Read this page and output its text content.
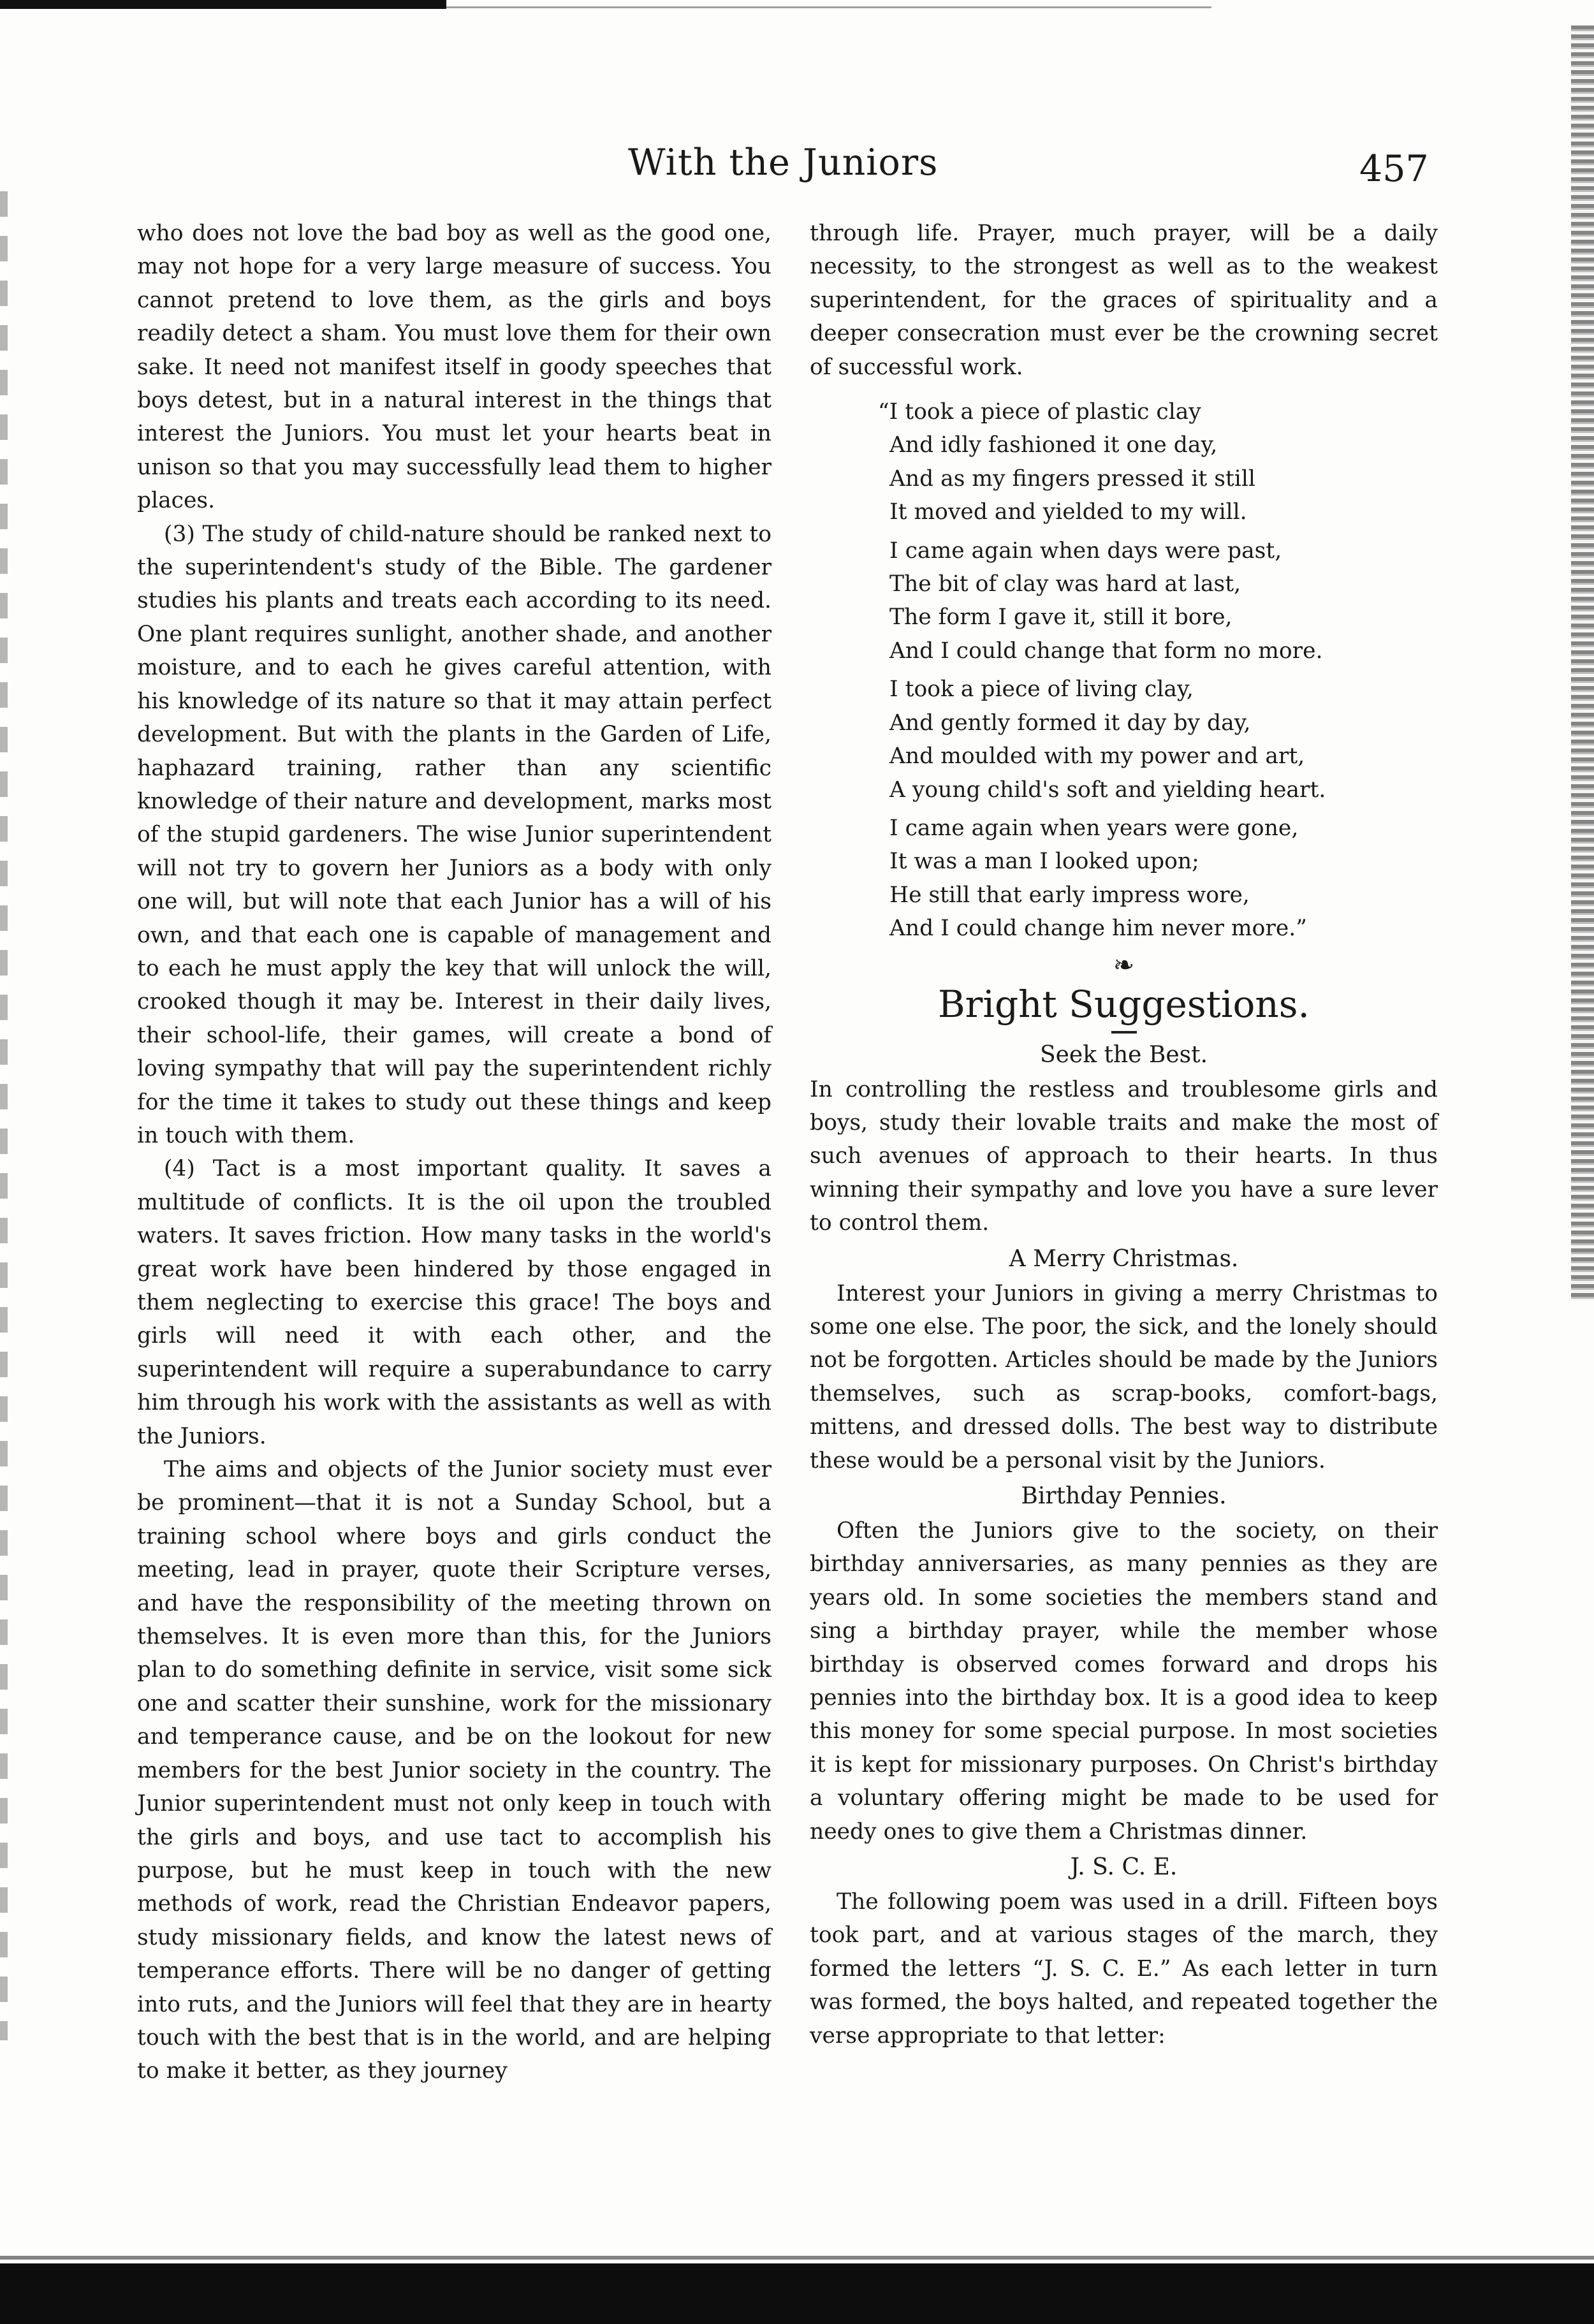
With the Juniors	457

who does not love the bad boy as well as the good one, may not hope for a very large measure of success. You cannot pretend to love them, as the girls and boys readily detect a sham. You must love them for their own sake. It need not manifest itself in goody speeches that boys detest, but in a natural interest in the things that interest the Juniors. You must let your hearts beat in unison so that you may successfully lead them to higher places.

(3) The study of child-nature should be ranked next to the superintendent's study of the Bible. The gardener studies his plants and treats each according to its need. One plant requires sunlight, another shade, and another moisture, and to each he gives careful attention, with his knowledge of its nature so that it may attain perfect development. But with the plants in the Garden of Life, haphazard training, rather than any scientific knowledge of their nature and development, marks most of the stupid gardeners. The wise Junior superintendent will not try to govern her Juniors as a body with only one will, but will note that each Junior has a will of his own, and that each one is capable of management and to each he must apply the key that will unlock the will, crooked though it may be. Interest in their daily lives, their school-life, their games, will create a bond of loving sympathy that will pay the superintendent richly for the time it takes to study out these things and keep in touch with them.

(4) Tact is a most important quality. It saves a multitude of conflicts. It is the oil upon the troubled waters. It saves friction. How many tasks in the world's great work have been hindered by those engaged in them neglecting to exercise this grace! The boys and girls will need it with each other, and the superintendent will require a superabundance to carry him through his work with the assistants as well as with the Juniors.

The aims and objects of the Junior society must ever be prominent—that it is not a Sunday School, but a training school where boys and girls conduct the meeting, lead in prayer, quote their Scripture verses, and have the responsibility of the meeting thrown on themselves. It is even more than this, for the Juniors plan to do something definite in service, visit some sick one and scatter their sunshine, work for the missionary and temperance cause, and be on the lookout for new members for the best Junior society in the country. The Junior superintendent must not only keep in touch with the girls and boys, and use tact to accomplish his purpose, but he must keep in touch with the new methods of work, read the Christian Endeavor papers, study missionary fields, and know the latest news of temperance efforts. There will be no danger of getting into ruts, and the Juniors will feel that they are in hearty touch with the best that is in the world, and are helping to make it better, as they journey

through life. Prayer, much prayer, will be a daily necessity, to the strongest as well as to the weakest superintendent, for the graces of spirituality and a deeper consecration must ever be the crowning secret of successful work.

“I took a piece of plastic clay
And idly fashioned it one day,
And as my fingers pressed it still
It moved and yielded to my will.
I came again when days were past,
The bit of clay was hard at last,
The form I gave it, still it bore,
And I could change that form no more.
I took a piece of living clay,
And gently formed it day by day,
And moulded with my power and art,
A young child's soft and yielding heart.
I came again when years were gone,
It was a man I looked upon;
He still that early impress wore,
And I could change him never more.”
❧
Bright Suggestions.
Seek the Best.

In controlling the restless and troublesome girls and boys, study their lovable traits and make the most of such avenues of approach to their hearts. In thus winning their sympathy and love you have a sure lever to control them.

A Merry Christmas.

Interest your Juniors in giving a merry Christmas to some one else. The poor, the sick, and the lonely should not be forgotten. Articles should be made by the Juniors themselves, such as scrap-books, comfort-bags, mittens, and dressed dolls. The best way to distribute these would be a personal visit by the Juniors.

Birthday Pennies.

Often the Juniors give to the society, on their birthday anniversaries, as many pennies as they are years old. In some societies the members stand and sing a birthday prayer, while the member whose birthday is observed comes forward and drops his pennies into the birthday box. It is a good idea to keep this money for some special purpose. In most societies it is kept for missionary purposes. On Christ's birthday a voluntary offering might be made to be used for needy ones to give them a Christmas dinner.

J. S. C. E.

The following poem was used in a drill. Fifteen boys took part, and at various stages of the march, they formed the letters “J. S. C. E.” As each letter in turn was formed, the boys halted, and repeated together the verse appropriate to that letter:
